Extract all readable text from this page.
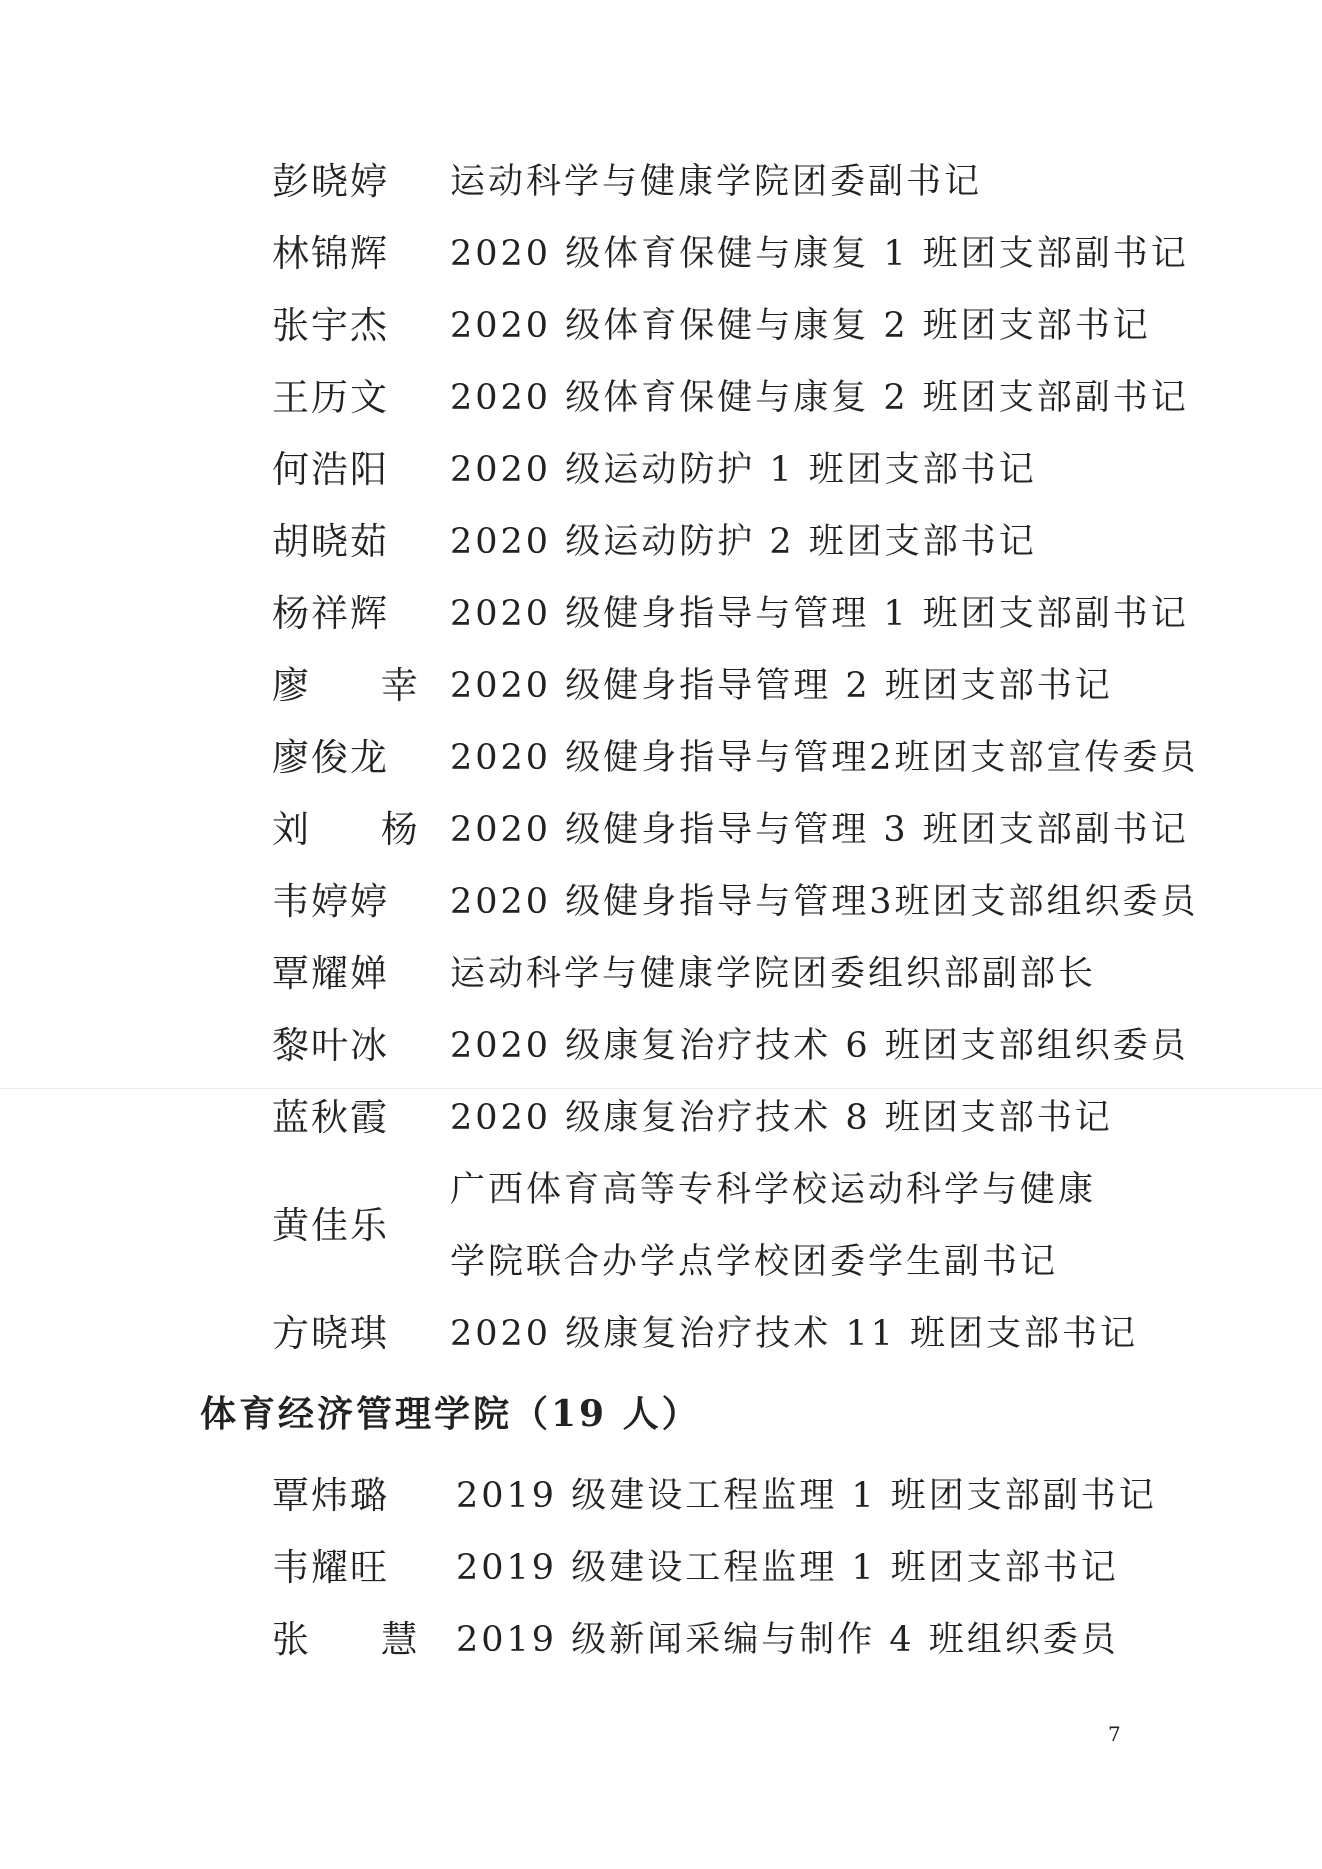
彭晓婷 运动科学与健康学院团委副书记
林锦辉 2020 级体育保健与康复 1 班团支部副书记
张宇杰 2020 级体育保健与康复 2 班团支部书记
王历文 2020 级体育保健与康复 2 班团支部副书记
何浩阳 2020 级运动防护 1 班团支部书记
胡晓茹 2020 级运动防护 2 班团支部书记
杨祥辉 2020 级健身指导与管理 1 班团支部副书记
廖 幸 2020 级健身指导管理 2 班团支部书记
廖俊龙 2020 级健身指导与管理2班团支部宣传委员
刘 杨 2020 级健身指导与管理 3 班团支部副书记
韦婷婷 2020 级健身指导与管理3班团支部组织委员
覃耀婵 运动科学与健康学院团委组织部副部长
黎叶冰 2020 级康复治疗技术 6 班团支部组织委员
蓝秋霞 2020 级康复治疗技术 8 班团支部书记
黄佳乐
广西体育高等专科学校运动科学与健康学院联合办学点学校团委学生副书记
方晓琪 2020 级康复治疗技术 11 班团支部书记
体育经济管理学院（19 人）
覃炜璐 2019 级建设工程监理 1 班团支部副书记
韦耀旺 2019 级建设工程监理 1 班团支部书记
张 慧 2019 级新闻采编与制作 4 班组织委员
7
